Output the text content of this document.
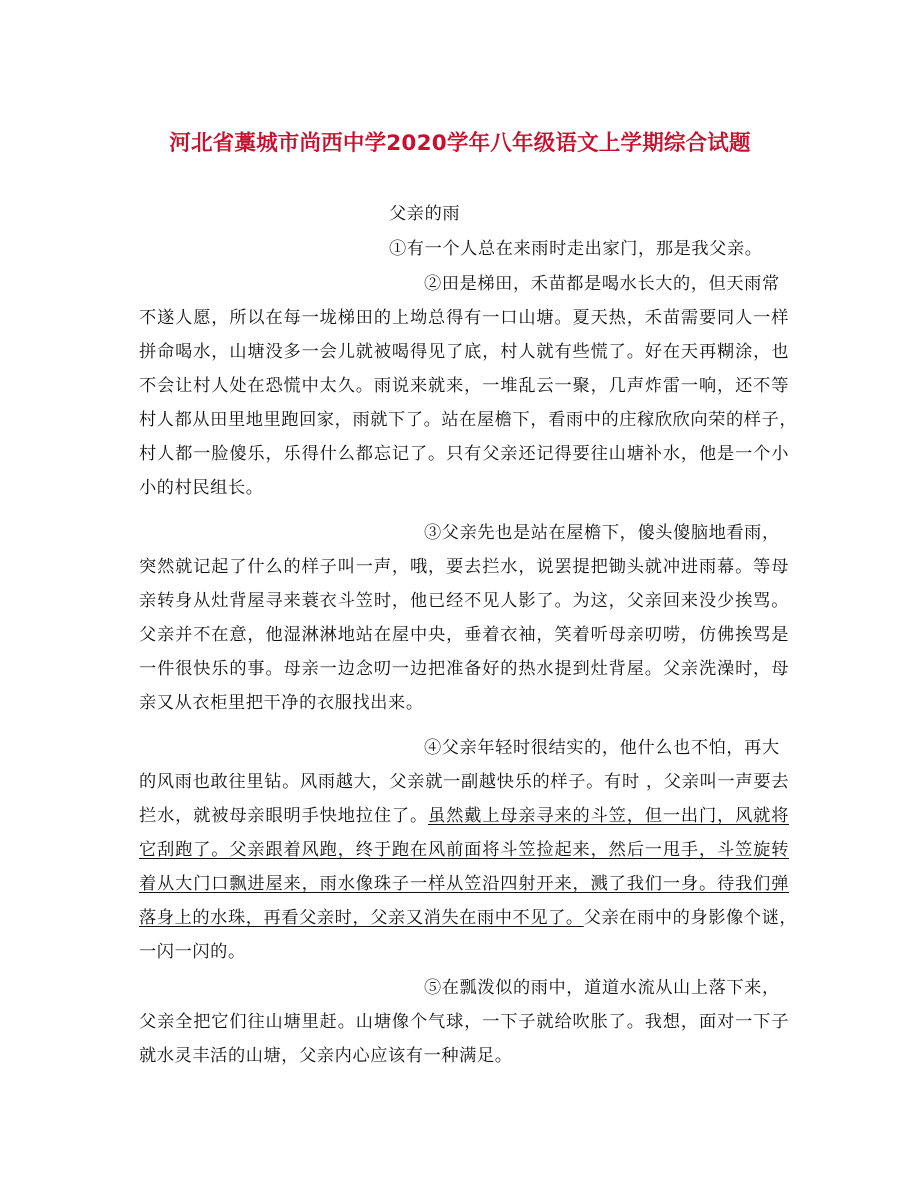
河北省藁城市尚西中学2020学年八年级语文上学期综合试题
父亲的雨
①有一个人总在来雨时走出家门，那是我父亲。
②田是梯田，禾苗都是喝水长大的，但天雨常
不遂人愿，所以在每一垅梯田的上坳总得有一口山塘。夏天热，禾苗需要同人一样
拼命喝水，山塘没多一会儿就被喝得见了底，村人就有些慌了。好在天再糊涂，也
不会让村人处在恐慌中太久。雨说来就来，一堆乱云一聚，几声炸雷一响，还不等
村人都从田里地里跑回家，雨就下了。站在屋檐下，看雨中的庄稼欣欣向荣的样子，
村人都一脸傻乐，乐得什么都忘记了。只有父亲还记得要往山塘补水，他是一个小
小的村民组长。
③父亲先也是站在屋檐下，傻头傻脑地看雨，
突然就记起了什么的样子叫一声，哦，要去拦水，说罢提把锄头就冲进雨幕。等母
亲转身从灶背屋寻来蓑衣斗笠时，他已经不见人影了。为这，父亲回来没少挨骂。
父亲并不在意，他湿淋淋地站在屋中央，垂着衣袖，笑着听母亲叨唠，仿佛挨骂是
一件很快乐的事。母亲一边念叨一边把准备好的热水提到灶背屋。父亲洗澡时，母
亲又从衣柜里把干净的衣服找出来。
④父亲年轻时很结实的，他什么也不怕，再大
的风雨也敢往里钻。风雨越大，父亲就一副越快乐的样子。有时 ，父亲叫一声要去
拦水，就被母亲眼明手快地拉住了。虽然戴上母亲寻来的斗笠，但一出门，风就将
它刮跑了。父亲跟着风跑，终于跑在风前面将斗笠捡起来，然后一甩手，斗笠旋转
着从大门口飘进屋来，雨水像珠子一样从笠沿四射开来，溅了我们一身。待我们弹
落身上的水珠，再看父亲时，父亲又消失在雨中不见了。父亲在雨中的身影像个谜，
一闪一闪的。
⑤在瓢泼似的雨中，道道水流从山上落下来，
父亲全把它们往山塘里赶。山塘像个气球，一下子就给吹胀了。我想，面对一下子
就水灵丰活的山塘，父亲内心应该有一种满足。
